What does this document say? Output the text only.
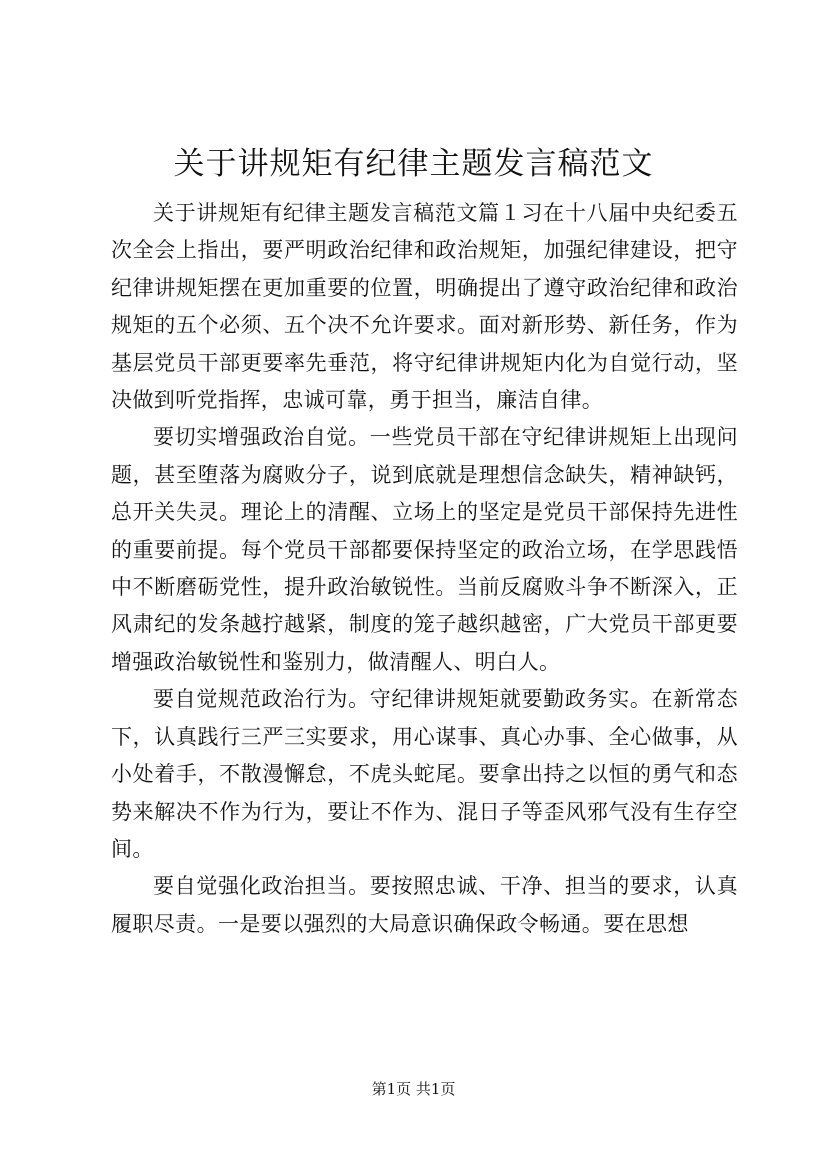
关于讲规矩有纪律主题发言稿范文

关于讲规矩有纪律主题发言稿范文篇１习在十八届中央纪委五次全会上指出，要严明政治纪律和政治规矩，加强纪律建设，把守纪律讲规矩摆在更加重要的位置，明确提出了遵守政治纪律和政治规矩的五个必须、五个决不允许要求。面对新形势、新任务，作为基层党员干部更要率先垂范，将守纪律讲规矩内化为自觉行动，坚决做到听党指挥，忠诚可靠，勇于担当，廉洁自律。

要切实增强政治自觉。一些党员干部在守纪律讲规矩上出现问题，甚至堕落为腐败分子，说到底就是理想信念缺失，精神缺钙，总开关失灵。理论上的清醒、立场上的坚定是党员干部保持先进性的重要前提。每个党员干部都要保持坚定的政治立场，在学思践悟中不断磨砺党性，提升政治敏锐性。当前反腐败斗争不断深入，正风肃纪的发条越拧越紧，制度的笼子越织越密，广大党员干部更要增强政治敏锐性和鉴别力，做清醒人、明白人。

要自觉规范政治行为。守纪律讲规矩就要勤政务实。在新常态下，认真践行三严三实要求，用心谋事、真心办事、全心做事，从小处着手，不散漫懈怠，不虎头蛇尾。要拿出持之以恒的勇气和态势来解决不作为行为，要让不作为、混日子等歪风邪气没有生存空间。

要自觉强化政治担当。要按照忠诚、干净、担当的要求，认真履职尽责。一是要以强烈的大局意识确保政令畅通。要在思想

第1页 共1页
